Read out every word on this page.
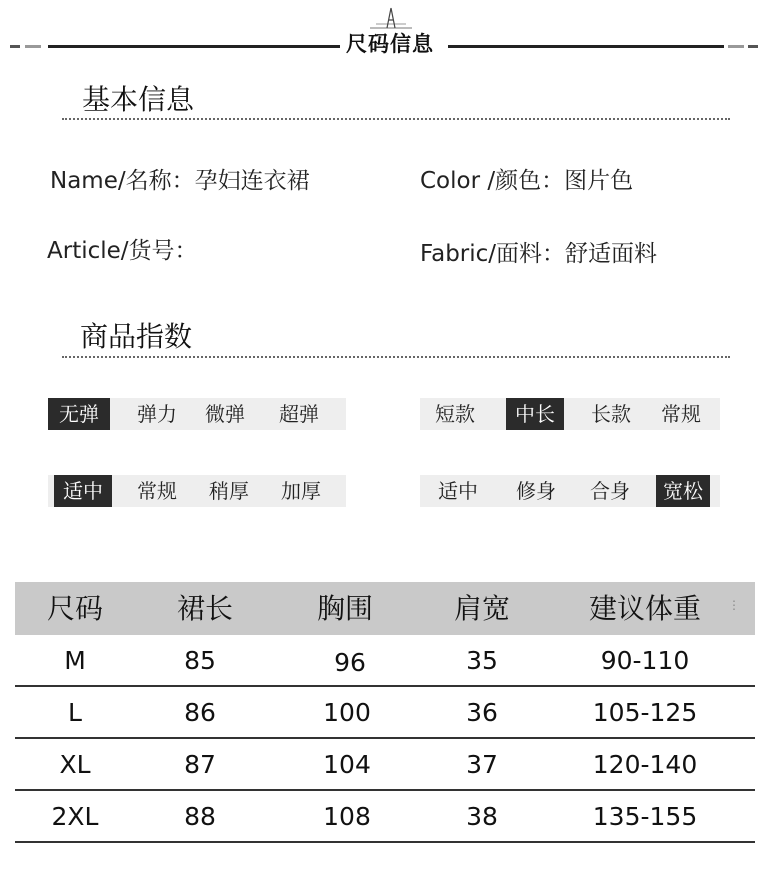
尺码信息
基本信息
Name/名称：孕妇连衣裙	Color /颜色：图片色
Article/货号：	Fabric/面料：舒适面料
商品指数
无弹	弹力	微弹	超弹	短款	中长	长款	常规
适中	常规	稍厚	加厚	适中	修身	合身	宽松
尺码	裙长	胸围	肩宽	建议体重	⋮
M	85	96	35	90-110
L	86	100	36	105-125
XL	87	104	37	120-140
2XL	88	108	38	135-155
